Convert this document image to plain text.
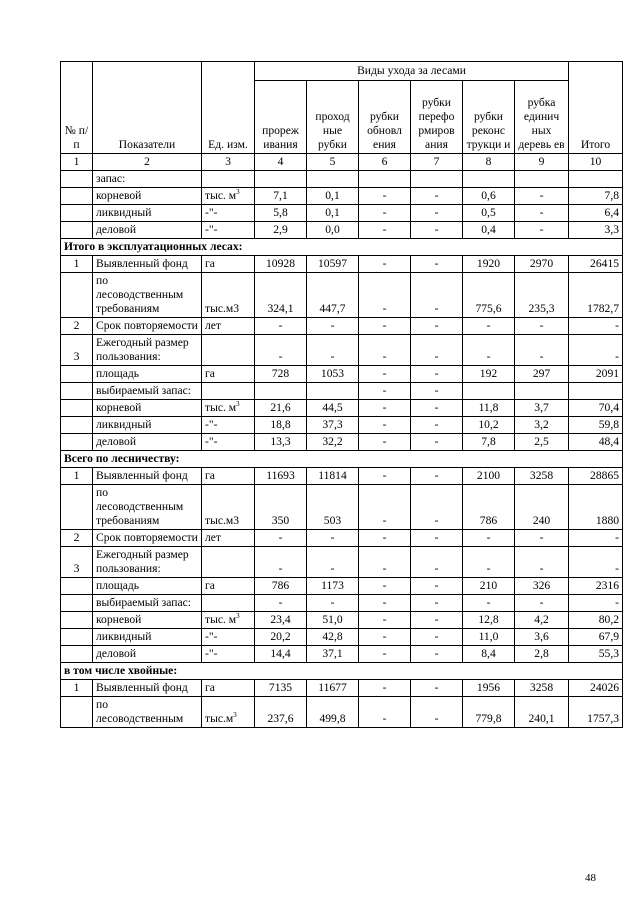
№ п/п	Показатели	Ед. изм.	Виды ухода за лесами						Итого
			прореж ивания	проход ные рубки	рубки обновл ения	рубки перефо рмиров ания	рубки реконс трукци и	рубка единич ных деревь ев	
1	2	3	4	5	6	7	8	9	10
	запас:								
	корневой	тыс. $м^3$	7,1	0,1	-	-	0,6	-	7,8
	ликвидный	-"-	5,8	0,1	-	-	0,5	-	6,4
	деловой	-"-	2,9	0,0	-	-	0,4	-	3,3
Итого в эксплуатационных лесах:									
1	Выявленный фонд	га	10928	10597	-	-	1920	2970	26415
	по лесоводственным требованиям	тыс.м3	324,1	447,7	-	-	775,6	235,3	1782,7
2	Срок повторяемости	лет	-	-	-	-	-	-	-
3	Ежегодный размер пользования:		-	-	-	-	-	-	-
	площадь	га	728	1053	-	-	192	297	2091
	выбираемый запас:				-	-			
	корневой	тыс. $м^3$	21,6	44,5	-	-	11,8	3,7	70,4
	ликвидный	-"-	18,8	37,3	-	-	10,2	3,2	59,8
	деловой	-"-	13,3	32,2	-	-	7,8	2,5	48,4
Всего по лесничеству:									
1	Выявленный фонд	га	11693	11814	-	-	2100	3258	28865
	по лесоводственным требованиям	тыс.м3	350	503	-	-	786	240	1880
2	Срок повторяемости	лет	-	-	-	-	-	-	-
3	Ежегодный размер пользования:		-	-	-	-	-	-	-
	площадь	га	786	1173	-	-	210	326	2316
	выбираемый запас:		-	-	-	-	-	-	-
	корневой	тыс. $м^3$	23,4	51,0	-	-	12,8	4,2	80,2
	ликвидный	-"-	20,2	42,8	-	-	11,0	3,6	67,9
	деловой	-"-	14,4	37,1	-	-	8,4	2,8	55,3
в том числе хвойные:									
1	Выявленный фонд	га	7135	11677	-	-	1956	3258	24026
	по лесоводственным	$тыс.м^3$	237,6	499,8	-	-	779,8	240,1	1757,3
48
